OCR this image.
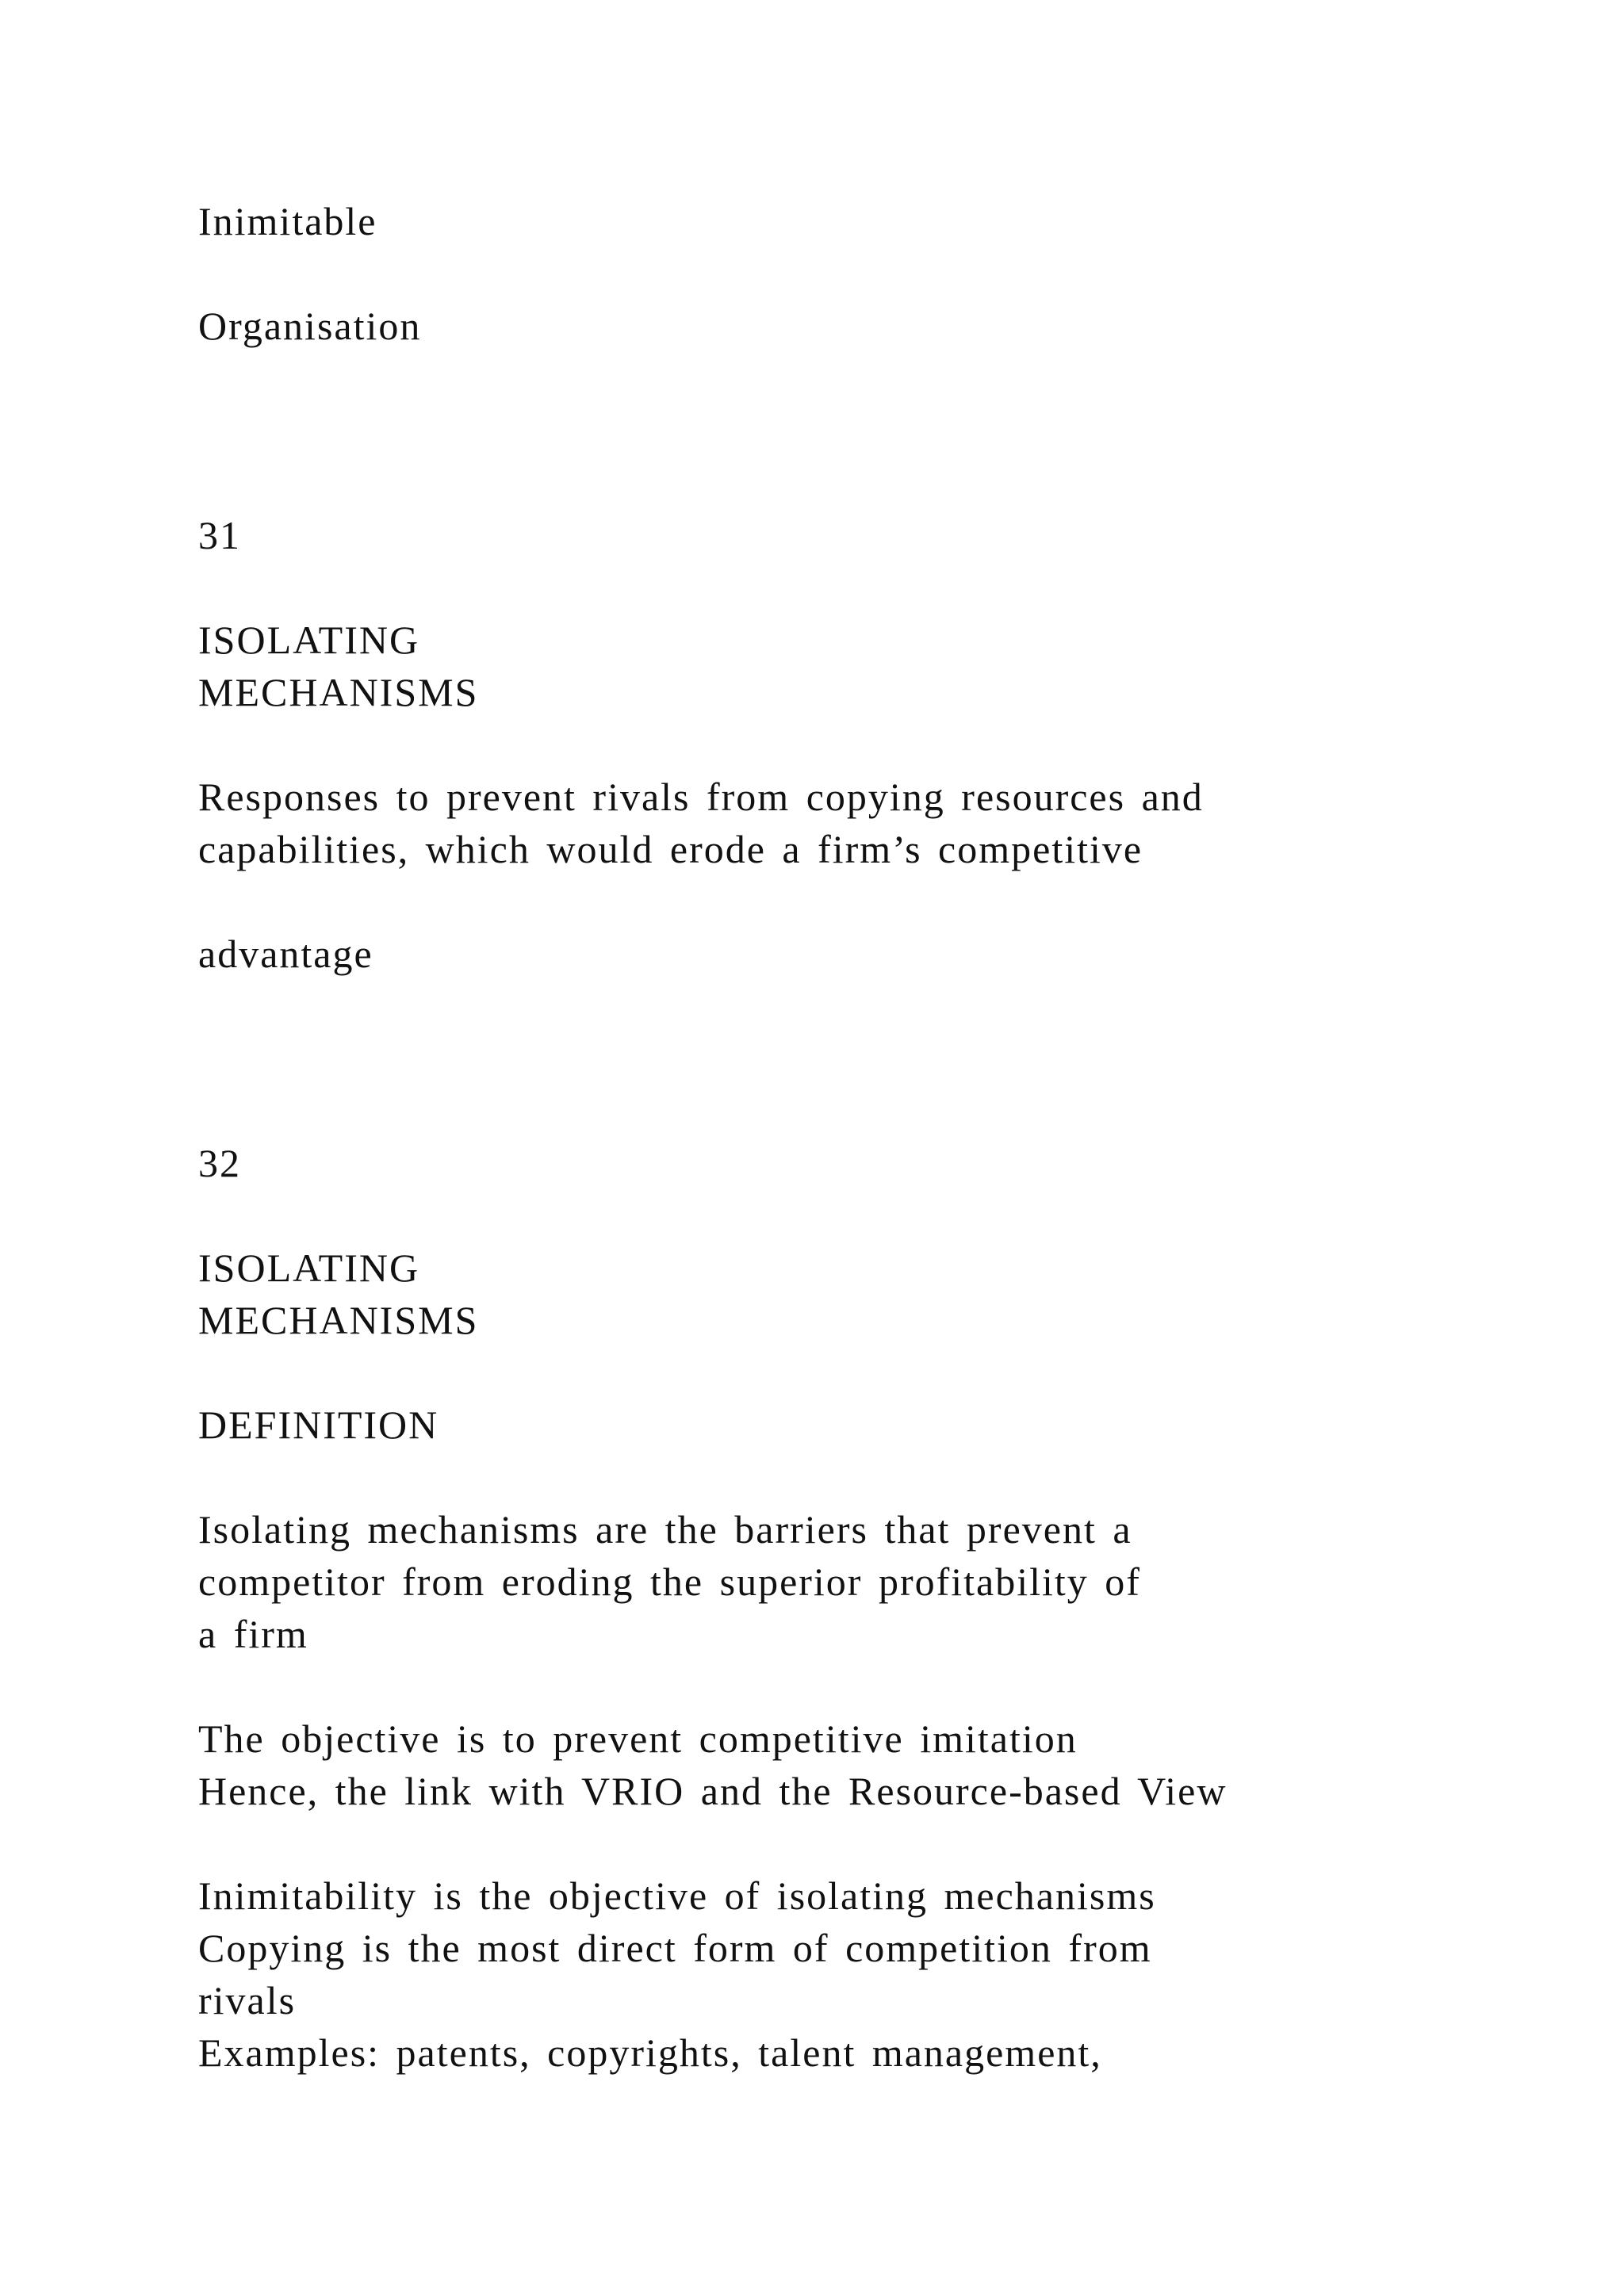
Inimitable
Organisation
31
ISOLATING
MECHANISMS
Responses to prevent rivals from copying resources and
capabilities, which would erode a firm’s competitive
advantage
32
ISOLATING
MECHANISMS
DEFINITION
Isolating mechanisms are the barriers that prevent a
competitor from eroding the superior profitability of
a firm
The objective is to prevent competitive imitation
Hence, the link with VRIO and the Resource-based View
Inimitability is the objective of isolating mechanisms
Copying is the most direct form of competition from
rivals
Examples: patents, copyrights, talent management,
